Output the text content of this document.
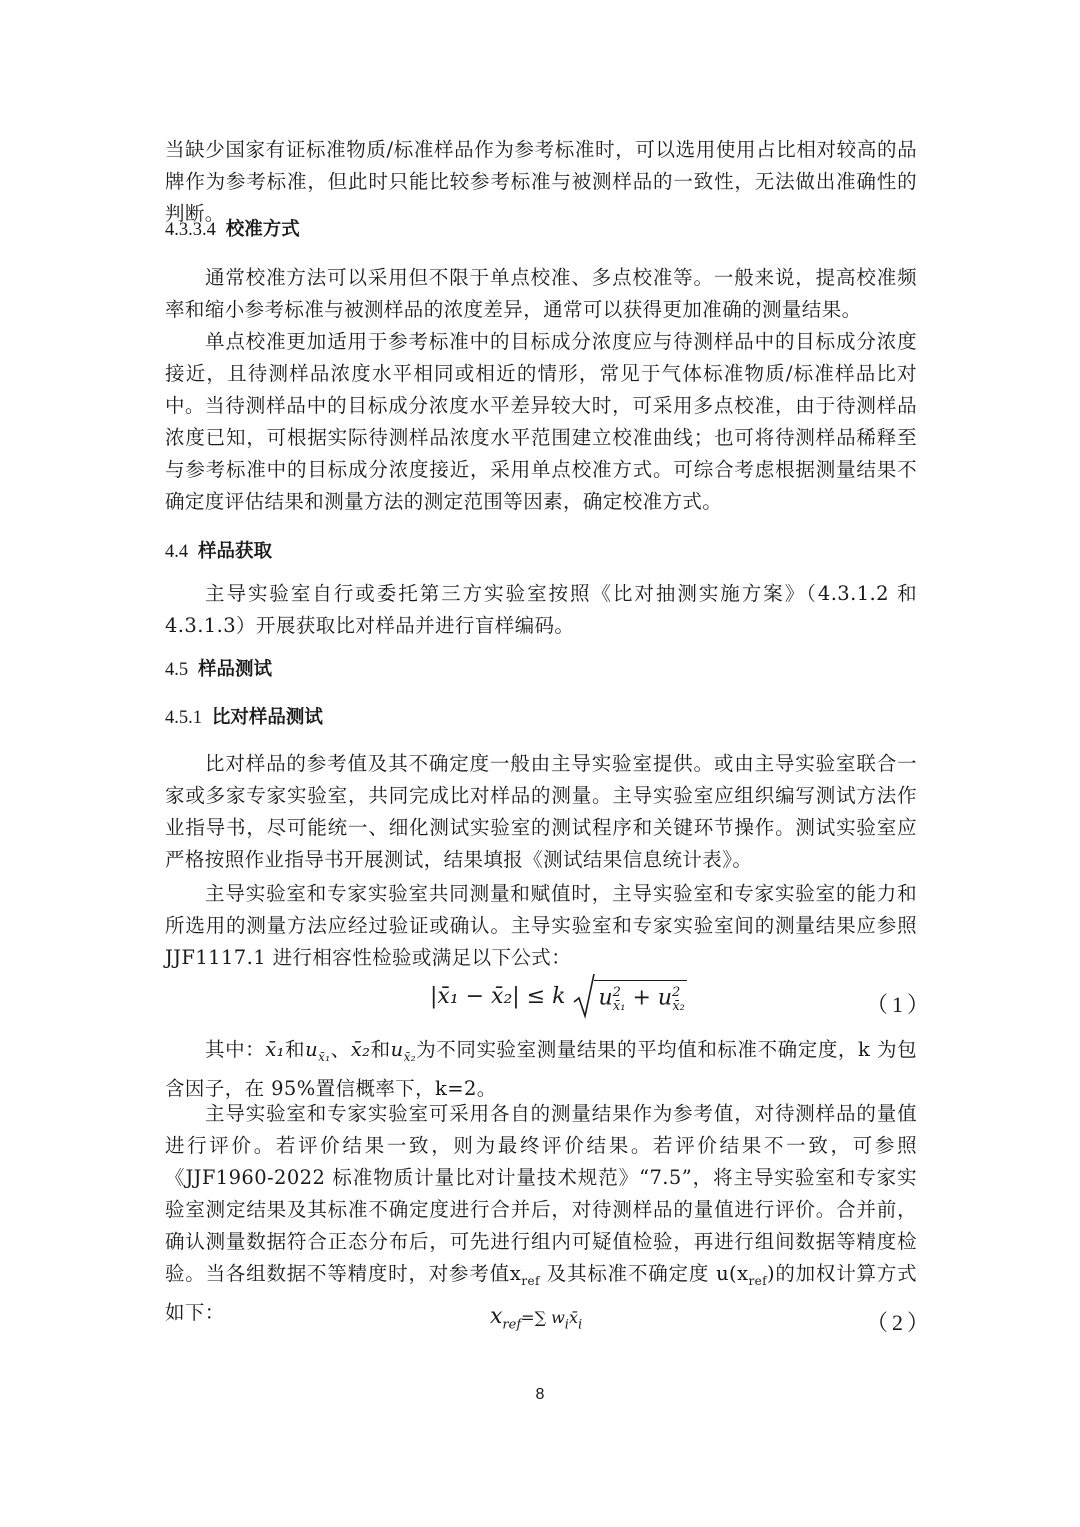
当缺少国家有证标准物质/标准样品作为参考标准时，可以选用使用占比相对较高的品牌作为参考标准，但此时只能比较参考标准与被测样品的一致性，无法做出准确性的判断。
4.3.3.4 校准方式
通常校准方法可以采用但不限于单点校准、多点校准等。一般来说，提高校准频率和缩小参考标准与被测样品的浓度差异，通常可以获得更加准确的测量结果。
单点校准更加适用于参考标准中的目标成分浓度应与待测样品中的目标成分浓度接近，且待测样品浓度水平相同或相近的情形，常见于气体标准物质/标准样品比对中。 当待测样品中的目标成分浓度水平差异较大时，可采用多点校准，由于待测样品浓度已知，可根据实际待测样品浓度水平范围建立校准曲线；也可将待测样品稀释至与参考标准中的目标成分浓度接近，采用单点校准方式。可综合考虑根据测量结果不确定度评估结果和测量方法的测定范围等因素，确定校准方式。
4.4 样品获取
主导实验室自行或委托第三方实验室按照《比对抽测实施方案》（4.3.1.2 和 4.3.1.3）开展获取比对样品并进行盲样编码。
4.5 样品测试
4.5.1 比对样品测试
比对样品的参考值及其不确定度一般由主导实验室提供。或由主导实验室联合一家或多家专家实验室，共同完成比对样品的测量。主导实验室应组织编写测试方法作业指导书，尽可能统一、细化测试实验室的测试程序和关键环节操作。测试实验室应严格按照作业指导书开展测试，结果填报《测试结果信息统计表》。
主导实验室和专家实验室共同测量和赋值时，主导实验室和专家实验室的能力和所选用的测量方法应经过验证或确认。主导实验室和专家实验室间的测量结果应参照 JJF1117.1 进行相容性检验或满足以下公式：
|x̄₁ − x̄₂| ≤ k $u^2_{x̄_1} + u^2_{x̄_2}$	（1）
其中：x̄₁和$u_{x̄_1}$、x̄₂和$u_{x̄_2}$为不同实验室测量结果的平均值和标准不确定度，k 为包含因子，在 95%置信概率下，k=2。
主导实验室和专家实验室可采用各自的测量结果作为参考值，对待测样品的量值进行评价。若评价结果一致，则为最终评价结果。若评价结果不一致，可参照《JJF1960-2022 标准物质计量比对计量技术规范》“7.5”，将主导实验室和专家实验室测定结果及其标准不确定度进行合并后，对待测样品的量值进行评价。合并前，确认测量数据符合正态分布后，可先进行组内可疑值检验，再进行组间数据等精度检验。当各组数据不等精度时，对参考值$x_{ref}$ 及其标准不确定度 $u(x_{ref})$的加权计算方式如下：	$x_{ref}=\sum$ $w_ix̄_i$	（2）
8
